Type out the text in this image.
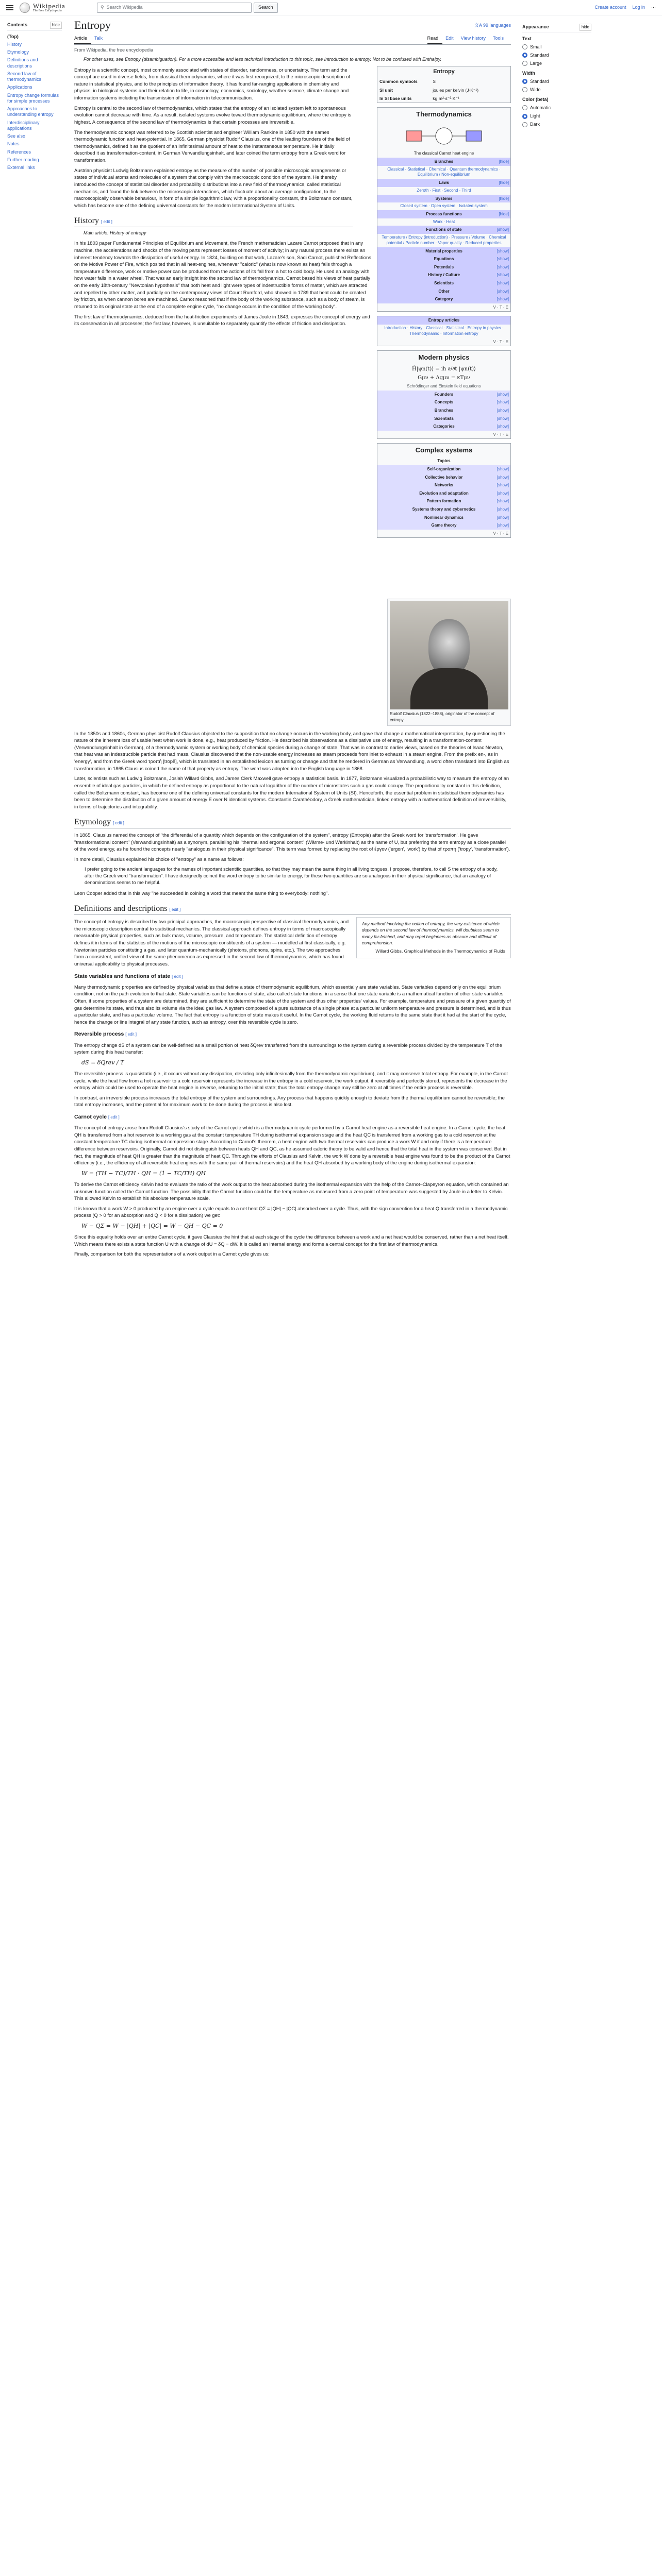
Wikipedia
The Free Encyclopedia
⚲ Search Wikipedia	Search	Create account Log in ⋯
Contents	hide
(Top)
History
Etymology
Definitions and descriptions
Second law of thermodynamics
Applications
Entropy change formulas for simple processes
Approaches to understanding entropy
Interdisciplinary applications
See also
Notes
References
Further reading
External links
Entropy	文A 99 languages
Article	Talk	Read	Edit	View history	Tools
From Wikipedia, the free encyclopedia
For other uses, see Entropy (disambiguation). For a more accessible and less technical introduction to this topic, see Introduction to entropy. Not to be confused with Enthalpy.
Entropy
Common symbols	S
SI unit	joules per kelvin (J⋅K⁻¹)
In SI base units	kg⋅m²⋅s⁻²⋅K⁻¹
Thermodynamics
The classical Carnot heat engine
Branches	[hide]
Classical · Statistical · Chemical · Quantum thermodynamics · Equilibrium / Non-equilibrium
Laws	[hide]
Zeroth · First · Second · Third
Systems	[hide]
Closed system · Open system · Isolated system
Process functions	[hide]
Work · Heat
Functions of state	[show]
Temperature / Entropy (introduction) · Pressure / Volume · Chemical potential / Particle number · Vapor quality · Reduced properties
Material properties	[show]
Equations	[show]
Potentials	[show]
History / Culture	[show]
Scientists	[show]
Other	[show]
Category	[show]
V · T · E
Entropy articles
Introduction · History · Classical · Statistical · Entropy in physics · Thermodynamic · Information entropy
V · T · E
Modern physics
Ĥ|ψn(t)⟩ = iħ ∂/∂t |ψn(t)⟩
Gμν + Λgμν = κTμν
Schrödinger and Einstein field equations
Founders	[show]
Concepts	[show]
Branches	[show]
Scientists	[show]
Categories	[show]
V · T · E
Complex systems
Topics
Self-organization	[show]
Collective behavior	[show]
Networks	[show]
Evolution and adaptation	[show]
Pattern formation	[show]
Systems theory and cybernetics	[show]
Nonlinear dynamics	[show]
Game theory	[show]
V · T · E

Entropy is a scientific concept, most commonly associated with states of disorder, randomness, or uncertainty. The term and the concept are used in diverse fields, from classical thermodynamics, where it was first recognized, to the microscopic description of nature in statistical physics, and to the principles of information theory. It has found far-ranging applications in chemistry and physics, in biological systems and their relation to life, in cosmology, economics, sociology, weather science, climate change and information systems including the transmission of information in telecommunication.

Entropy is central to the second law of thermodynamics, which states that the entropy of an isolated system left to spontaneous evolution cannot decrease with time. As a result, isolated systems evolve toward thermodynamic equilibrium, where the entropy is highest. A consequence of the second law of thermodynamics is that certain processes are irreversible.

The thermodynamic concept was referred to by Scottish scientist and engineer William Rankine in 1850 with the names thermodynamic function and heat-potential. In 1865, German physicist Rudolf Clausius, one of the leading founders of the field of thermodynamics, defined it as the quotient of an infinitesimal amount of heat to the instantaneous temperature. He initially described it as transformation-content, in German Verwandlungsinhalt, and later coined the term entropy from a Greek word for transformation.

Austrian physicist Ludwig Boltzmann explained entropy as the measure of the number of possible microscopic arrangements or states of individual atoms and molecules of a system that comply with the macroscopic condition of the system. He thereby introduced the concept of statistical disorder and probability distributions into a new field of thermodynamics, called statistical mechanics, and found the link between the microscopic interactions, which fluctuate about an average configuration, to the macroscopically observable behaviour, in form of a simple logarithmic law, with a proportionality constant, the Boltzmann constant, which has become one of the defining universal constants for the modern International System of Units.

History [ edit ]
Main article: History of entropy
Rudolf Clausius (1822–1888), originator of the concept of entropy

In his 1803 paper Fundamental Principles of Equilibrium and Movement, the French mathematician Lazare Carnot proposed that in any machine, the accelerations and shocks of the moving parts represent losses of moment of activity; in any natural process there exists an inherent tendency towards the dissipation of useful energy. In 1824, building on that work, Lazare's son, Sadi Carnot, published Reflections on the Motive Power of Fire, which posited that in all heat-engines, whenever "caloric" (what is now known as heat) falls through a temperature difference, work or motive power can be produced from the actions of its fall from a hot to cold body. He used an analogy with how water falls in a water wheel. That was an early insight into the second law of thermodynamics. Carnot based his views of heat partially on the early 18th-century "Newtonian hypothesis" that both heat and light were types of indestructible forms of matter, which are attracted and repelled by other matter, and partially on the contemporary views of Count Rumford, who showed in 1789 that heat could be created by friction, as when cannon bores are machined. Carnot reasoned that if the body of the working substance, such as a body of steam, is returned to its original state at the end of a complete engine cycle, "no change occurs in the condition of the working body".

The first law of thermodynamics, deduced from the heat-friction experiments of James Joule in 1843, expresses the concept of energy and its conservation in all processes; the first law, however, is unsuitable to separately quantify the effects of friction and dissipation.

In the 1850s and 1860s, German physicist Rudolf Clausius objected to the supposition that no change occurs in the working body, and gave that change a mathematical interpretation, by questioning the nature of the inherent loss of usable heat when work is done, e.g., heat produced by friction. He described his observations as a dissipative use of energy, resulting in a transformation-content (Verwandlungsinhalt in German), of a thermodynamic system or working body of chemical species during a change of state. That was in contrast to earlier views, based on the theories of Isaac Newton, that heat was an indestructible particle that had mass. Clausius discovered that the non-usable energy increases as steam proceeds from inlet to exhaust in a steam engine. From the prefix en-, as in 'energy', and from the Greek word τροπή [tropē], which is translated in an established lexicon as turning or change and that he rendered in German as Verwandlung, a word often translated into English as transformation, in 1865 Clausius coined the name of that property as entropy. The word was adopted into the English language in 1868.

Later, scientists such as Ludwig Boltzmann, Josiah Willard Gibbs, and James Clerk Maxwell gave entropy a statistical basis. In 1877, Boltzmann visualized a probabilistic way to measure the entropy of an ensemble of ideal gas particles, in which he defined entropy as proportional to the natural logarithm of the number of microstates such a gas could occupy. The proportionality constant in this definition, called the Boltzmann constant, has become one of the defining universal constants for the modern International System of Units (SI). Henceforth, the essential problem in statistical thermodynamics has been to determine the distribution of a given amount of energy E over N identical systems. Constantin Carathéodory, a Greek mathematician, linked entropy with a mathematical definition of irreversibility, in terms of trajectories and integrability.

Etymology [ edit ]

In 1865, Clausius named the concept of "the differential of a quantity which depends on the configuration of the system", entropy (Entropie) after the Greek word for 'transformation'. He gave "transformational content" (Verwandlungsinhalt) as a synonym, paralleling his "thermal and ergonal content" (Wärme- und Werkinhalt) as the name of U, but preferring the term entropy as a close parallel of the word energy, as he found the concepts nearly "analogous in their physical significance". This term was formed by replacing the root of ἔργον ('ergon', 'work') by that of τροπή ('tropy', 'transformation').

In more detail, Clausius explained his choice of "entropy" as a name as follows:

I prefer going to the ancient languages for the names of important scientific quantities, so that they may mean the same thing in all living tongues. I propose, therefore, to call S the entropy of a body, after the Greek word "transformation". I have designedly coined the word entropy to be similar to energy, for these two quantities are so analogous in their physical significance, that an analogy of denominations seems to me helpful.

Leon Cooper added that in this way "he succeeded in coining a word that meant the same thing to everybody: nothing".

Definitions and descriptions [ edit ]
Any method involving the notion of entropy, the very existence of which depends on the second law of thermodynamics, will doubtless seem to many far-fetched, and may repel beginners as obscure and difficult of comprehension.
Willard Gibbs, Graphical Methods in the Thermodynamics of Fluids

The concept of entropy is described by two principal approaches, the macroscopic perspective of classical thermodynamics, and the microscopic description central to statistical mechanics. The classical approach defines entropy in terms of macroscopically measurable physical properties, such as bulk mass, volume, pressure, and temperature. The statistical definition of entropy defines it in terms of the statistics of the motions of the microscopic constituents of a system — modelled at first classically, e.g. Newtonian particles constituting a gas, and later quantum-mechanically (photons, phonons, spins, etc.). The two approaches form a consistent, unified view of the same phenomenon as expressed in the second law of thermodynamics, which has found universal applicability to physical processes.

State variables and functions of state [ edit ]

Many thermodynamic properties are defined by physical variables that define a state of thermodynamic equilibrium, which essentially are state variables. State variables depend only on the equilibrium condition, not on the path evolution to that state. State variables can be functions of state, also called state functions, in a sense that one state variable is a mathematical function of other state variables. Often, if some properties of a system are determined, they are sufficient to determine the state of the system and thus other properties' values. For example, temperature and pressure of a given quantity of gas determine its state, and thus also its volume via the ideal gas law. A system composed of a pure substance of a single phase at a particular uniform temperature and pressure is determined, and is thus a particular state, and has a particular volume. The fact that entropy is a function of state makes it useful. In the Carnot cycle, the working fluid returns to the same state that it had at the start of the cycle, hence the change or line integral of any state function, such as entropy, over this reversible cycle is zero.

Reversible process [ edit ]

The entropy change dS of a system can be well-defined as a small portion of heat δQrev transferred from the surroundings to the system during a reversible process divided by the temperature T of the system during this heat transfer:

dS = δQrev / T

The reversible process is quasistatic (i.e., it occurs without any dissipation, deviating only infinitesimally from the thermodynamic equilibrium), and it may conserve total entropy. For example, in the Carnot cycle, while the heat flow from a hot reservoir to a cold reservoir represents the increase in the entropy in a cold reservoir, the work output, if reversibly and perfectly stored, represents the decrease in the entropy which could be used to operate the heat engine in reverse, returning to the initial state; thus the total entropy change may still be zero at all times if the entire process is reversible.

In contrast, an irreversible process increases the total entropy of the system and surroundings. Any process that happens quickly enough to deviate from the thermal equilibrium cannot be reversible; the total entropy increases, and the potential for maximum work to be done during the process is also lost.

Carnot cycle [ edit ]

The concept of entropy arose from Rudolf Clausius's study of the Carnot cycle which is a thermodynamic cycle performed by a Carnot heat engine as a reversible heat engine. In a Carnot cycle, the heat QH is transferred from a hot reservoir to a working gas at the constant temperature TH during isothermal expansion stage and the heat QC is transferred from a working gas to a cold reservoir at the constant temperature TC during isothermal compression stage. According to Carnot's theorem, a heat engine with two thermal reservoirs can produce a work W if and only if there is a temperature difference between reservoirs. Originally, Carnot did not distinguish between heats QH and QC, as he assumed caloric theory to be valid and hence that the total heat in the system was conserved. But in fact, the magnitude of heat QH is greater than the magnitude of heat QC. Through the efforts of Clausius and Kelvin, the work W done by a reversible heat engine was found to be the product of the Carnot efficiency (i.e., the efficiency of all reversible heat engines with the same pair of thermal reservoirs) and the heat QH absorbed by a working body of the engine during isothermal expansion:

W = (TH − TC)/TH · QH = (1 − TC/TH) QH

To derive the Carnot efficiency Kelvin had to evaluate the ratio of the work output to the heat absorbed during the isothermal expansion with the help of the Carnot–Clapeyron equation, which contained an unknown function called the Carnot function. The possibility that the Carnot function could be the temperature as measured from a zero point of temperature was suggested by Joule in a letter to Kelvin. This allowed Kelvin to establish his absolute temperature scale.

It is known that a work W > 0 produced by an engine over a cycle equals to a net heat QΣ = |QH| − |QC| absorbed over a cycle. Thus, with the sign convention for a heat Q transferred in a thermodynamic process (Q > 0 for an absorption and Q < 0 for a dissipation) we get:

W − QΣ = W − |QH| + |QC| = W − QH − QC = 0

Since this equality holds over an entire Carnot cycle, it gave Clausius the hint that at each stage of the cycle the difference between a work and a net heat would be conserved, rather than a net heat itself. Which means there exists a state function U with a change of dU = δQ − dW. It is called an internal energy and forms a central concept for the first law of thermodynamics.

Finally, comparison for both the representations of a work output in a Carnot cycle gives us:

Appearance	hide
Text
Small
Standard
Large
Width
Standard
Wide
Color (beta)
Automatic
Light
Dark
